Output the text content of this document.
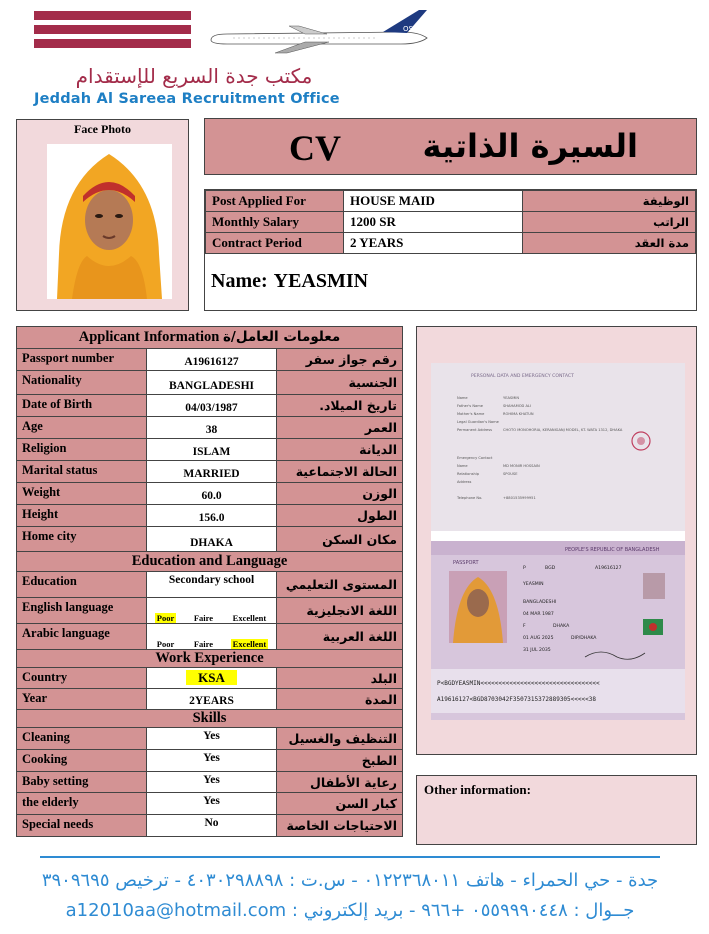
OSSA
مكتب جدة السريع للإستقدام
Jeddah Al Sareea Recruitment Office
Face Photo	CV	السيرة الذاتية
Post Applied For	HOUSE MAID	الوظيفة
Monthly Salary	1200 SR	الراتب
Contract Period	2 YEARS	مدة العقد
Name: YEASMIN
Applicant Information معلومات العامل/ة		
Passport number	A19616127	رقم جواز سفر
Nationality	BANGLADESHI	الجنسية
Date of Birth	04/03/1987	تاريخ الميلاد.
Age	38	العمر
Religion	ISLAM	الديانة
Marital status	MARRIED	الحالة الاجتماعية
Weight	60.0	الوزن
Height	156.0	الطول
Home city	DHAKA	مكان السكن
Education and Language		
Education	Secondary school	المستوى التعليمي
English language	Poor Faire Excellent	اللغة الانجليزية
Arabic language	Poor Faire Excellent	اللغة العربية
Work Experience		
Country	KSA	البلد
Year	2YEARS	المدة
Skills		
Cleaning	Yes	التنظيف والغسيل
Cooking	Yes	الطبخ
Baby setting	Yes	رعاية الأطفال
the elderly	Yes	كبار السن
Special needs	No	الاحتياجات الخاصة
PERSONAL DATA AND EMERGENCY CONTACT
Name	YEASMIN
Father's Name	SHAHAMOD ALI
Mother's Name	ROHIMA KHATUN
Legal Guardian's Name
Permanent Address	CHOTO MONOHORIA, KERANIGANJ MODEL, KT. WATA 1312, DHAKA
Emergency Contact
Name	MD MONIR HOSSAIN
Relationship	SPOUSE
Address
Telephone No.	+8801535999951
PEOPLE'S REPUBLIC OF BANGLADESH
PASSPORT
P	BGD	A19616127
YEASMIN
BANGLADESHI
04 MAR 1987
F	DHAKA
01 AUG 2025	DIP/DHAKA
31 JUL 2035
P<BGDYEASMIN<<<<<<<<<<<<<<<<<<<<<<<<<<<<<<<<<
A19616127<BGD8703042F3507315372889305<<<<<38
Other information:
جدة - حي الحمراء - هاتف ٠١٢٢٣٦٨٠١١ - س.ت : ٤٠٣٠٢٩٨٨٩٨ - ترخيص ٣٩٠٩٦٩٥
جــوال : ٠٥٥٩٩٩٠٤٤٨ +٩٦٦ - بريد إلكتروني : a12010aa@hotmail.com
